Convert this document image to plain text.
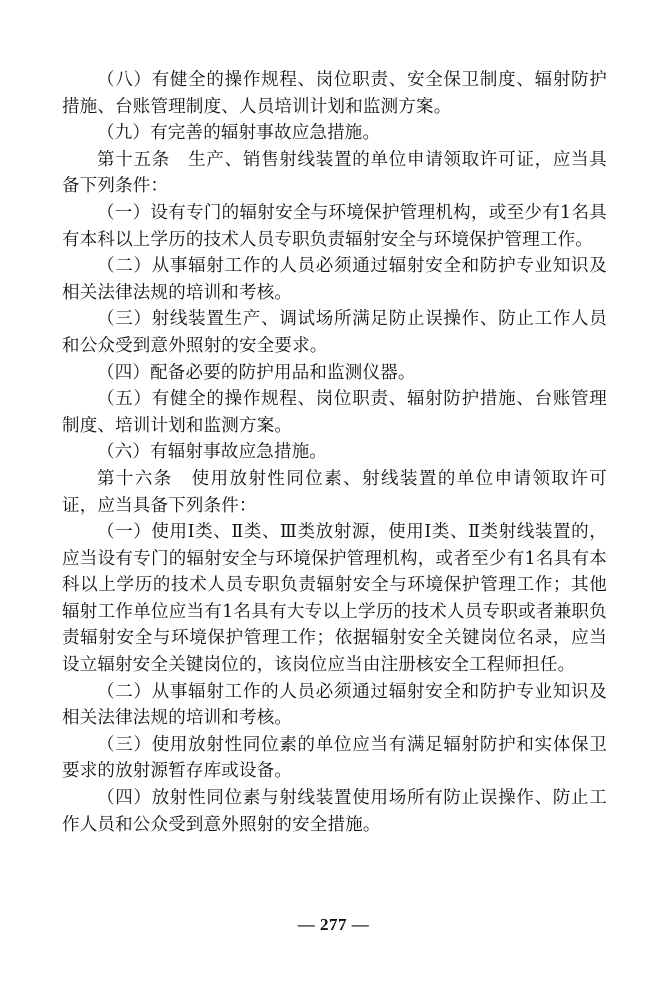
（八）有健全的操作规程、岗位职责、安全保卫制度、辐射防护措施、台账管理制度、人员培训计划和监测方案。

（九）有完善的辐射事故应急措施。

第十五条　生产、销售射线装置的单位申请领取许可证，应当具备下列条件：

（一）设有专门的辐射安全与环境保护管理机构，或至少有1名具有本科以上学历的技术人员专职负责辐射安全与环境保护管理工作。

（二）从事辐射工作的人员必须通过辐射安全和防护专业知识及相关法律法规的培训和考核。

（三）射线装置生产、调试场所满足防止误操作、防止工作人员和公众受到意外照射的安全要求。

（四）配备必要的防护用品和监测仪器。

（五）有健全的操作规程、岗位职责、辐射防护措施、台账管理制度、培训计划和监测方案。

（六）有辐射事故应急措施。

第十六条　使用放射性同位素、射线装置的单位申请领取许可证，应当具备下列条件：

（一）使用Ⅰ类、Ⅱ类、Ⅲ类放射源，使用Ⅰ类、Ⅱ类射线装置的，应当设有专门的辐射安全与环境保护管理机构，或者至少有1名具有本科以上学历的技术人员专职负责辐射安全与环境保护管理工作；其他辐射工作单位应当有1名具有大专以上学历的技术人员专职或者兼职负责辐射安全与环境保护管理工作；依据辐射安全关键岗位名录，应当设立辐射安全关键岗位的，该岗位应当由注册核安全工程师担任。

（二）从事辐射工作的人员必须通过辐射安全和防护专业知识及相关法律法规的培训和考核。

（三）使用放射性同位素的单位应当有满足辐射防护和实体保卫要求的放射源暂存库或设备。

（四）放射性同位素与射线装置使用场所有防止误操作、防止工作人员和公众受到意外照射的安全措施。

— 277 —
